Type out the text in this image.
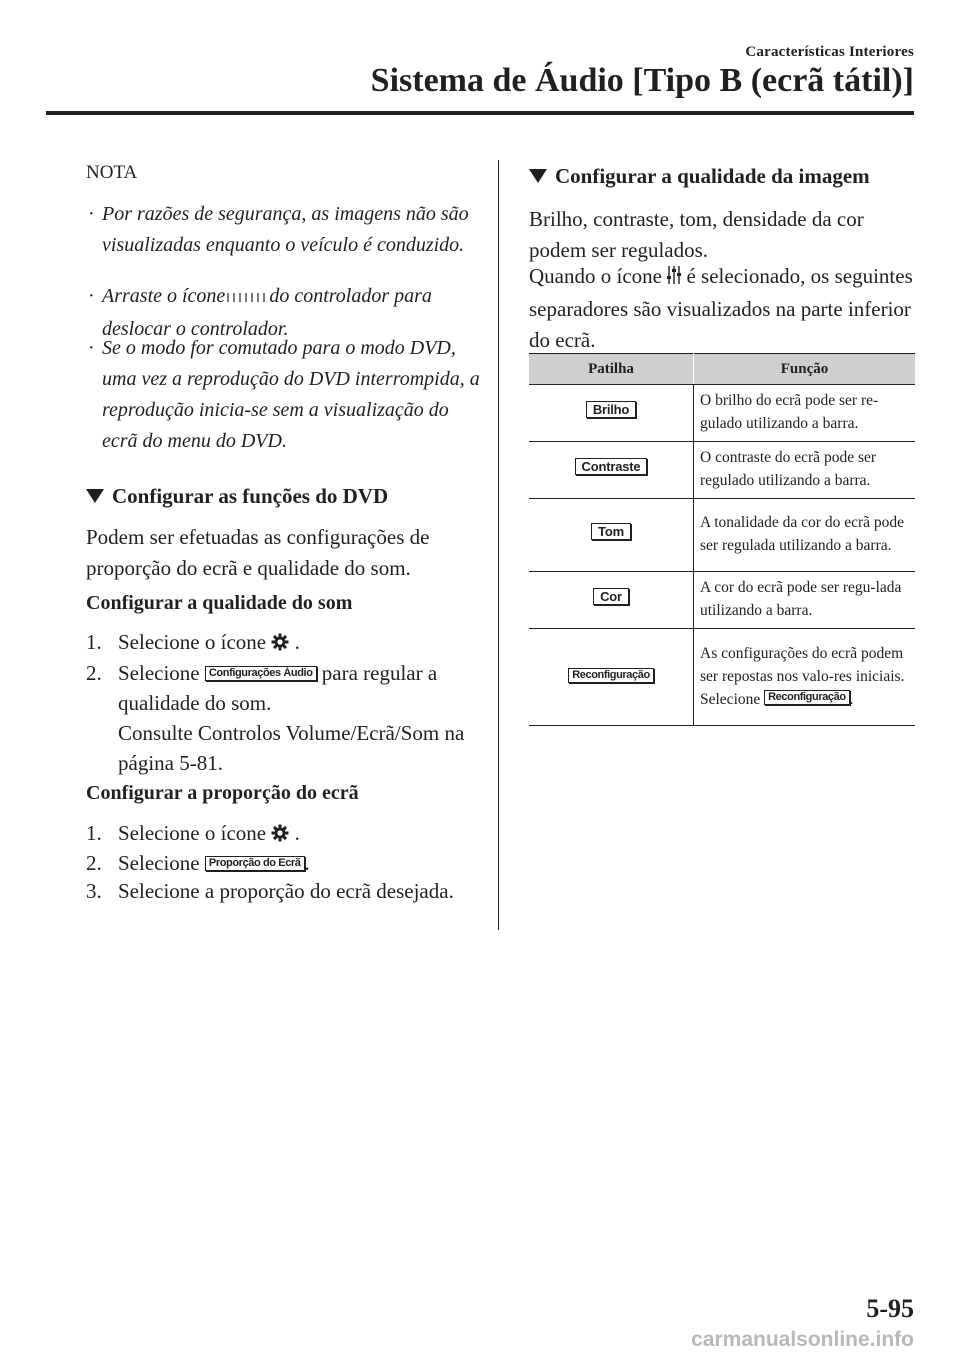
Características Interiores
Sistema de Áudio [Tipo B (ecrã tátil)]
NOTA
· Por razões de segurança, as imagens não são visualizadas enquanto o veículo é conduzido.
· Arraste o ícone do controlador para deslocar o controlador.
· Se o modo for comutado para o modo DVD, uma vez a reprodução do DVD interrompida, a reprodução inicia-se sem a visualização do ecrã do menu do DVD.
Configurar as funções do DVD
Podem ser efetuadas as configurações de proporção do ecrã e qualidade do som.
Configurar a qualidade do som
1. Selecione o ícone .
2. Selecione Configurações Áudio para regular a qualidade do som.
Consulte Controlos Volume/Ecrã/Som na página 5-81.
Configurar a proporção do ecrã
1. Selecione o ícone .
2. Selecione Proporção do Ecrã .
3. Selecione a proporção do ecrã desejada.
Configurar a qualidade da imagem
Brilho, contraste, tom, densidade da cor podem ser regulados.
Quando o ícone é selecionado, os seguintes separadores são visualizados na parte inferior do ecrã.
Patilha	Função
Brilho	O brilho do ecrã pode ser re-gulado utilizando a barra.
Contraste	O contraste do ecrã pode ser regulado utilizando a barra.
Tom	A tonalidade da cor do ecrã pode ser regulada utilizando a barra.
Cor	A cor do ecrã pode ser regu-lada utilizando a barra.
Reconfiguração	As configurações do ecrã podem ser repostas nos valo-res iniciais.
Selecione Reconfiguração .
5-95
carmanualsonline.info
